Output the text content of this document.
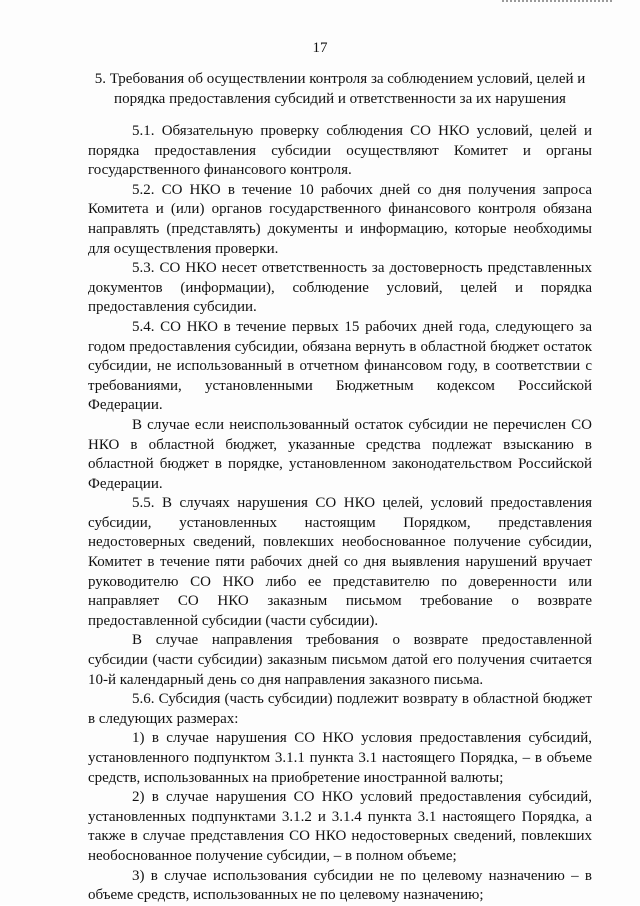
17
5. Требования об осуществлении контроля за соблюдением условий, целей и порядка предоставления субсидий и ответственности за их нарушения

5.1. Обязательную проверку соблюдения СО НКО условий, целей и порядка предоставления субсидии осуществляют Комитет и органы государственного финансового контроля.

5.2. СО НКО в течение 10 рабочих дней со дня получения запроса Комитета и (или) органов государственного финансового контроля обязана направлять (представлять) документы и информацию, которые необходимы для осуществления проверки.

5.3. СО НКО несет ответственность за достоверность представленных документов (информации), соблюдение условий, целей и порядка предоставления субсидии.

5.4. СО НКО в течение первых 15 рабочих дней года, следующего за годом предоставления субсидии, обязана вернуть в областной бюджет остаток субсидии, не использованный в отчетном финансовом году, в соответствии с требованиями, установленными Бюджетным кодексом Российской Федерации.

В случае если неиспользованный остаток субсидии не перечислен СО НКО в областной бюджет, указанные средства подлежат взысканию в областной бюджет в порядке, установленном законодательством Российской Федерации.

5.5. В случаях нарушения СО НКО целей, условий предоставления субсидии, установленных настоящим Порядком, представления недостоверных сведений, повлекших необоснованное получение субсидии, Комитет в течение пяти рабочих дней со дня выявления нарушений вручает руководителю СО НКО либо ее представителю по доверенности или направляет СО НКО заказным письмом требование о возврате предоставленной субсидии (части субсидии).

В случае направления требования о возврате предоставленной субсидии (части субсидии) заказным письмом датой его получения считается 10-й календарный день со дня направления заказного письма.

5.6. Субсидия (часть субсидии) подлежит возврату в областной бюджет в следующих размерах:

1) в случае нарушения СО НКО условия предоставления субсидий, установленного подпунктом 3.1.1 пункта 3.1 настоящего Порядка, – в объеме средств, использованных на приобретение иностранной валюты;

2) в случае нарушения СО НКО условий предоставления субсидий, установленных подпунктами 3.1.2 и 3.1.4 пункта 3.1 настоящего Порядка, а также в случае представления СО НКО недостоверных сведений, повлекших необоснованное получение субсидии, – в полном объеме;

3) в случае использования субсидии не по целевому назначению – в объеме средств, использованных не по целевому назначению;
